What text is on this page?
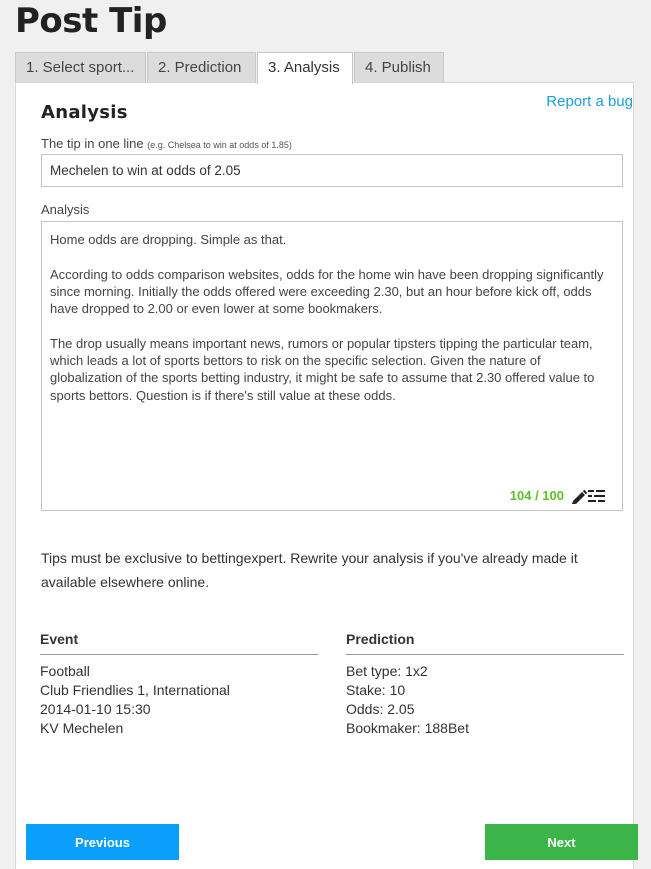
Post Tip
1. Select sport...	2. Prediction	3. Analysis	4. Publish
Report a bug
Analysis
The tip in one line (e.g. Chelsea to win at odds of 1.85)
Mechelen to win at odds of 2.05
Analysis
Home odds are dropping. Simple as that. According to odds comparison websites, odds for the home win have been dropping significantly since morning. Initially the odds offered were exceeding 2.30, but an hour before kick off, odds have dropped to 2.00 or even lower at some bookmakers. The drop usually means important news, rumors or popular tipsters tipping the particular team, which leads a lot of sports bettors to risk on the specific selection. Given the nature of globalization of the sports betting industry, it might be safe to assume that 2.30 offered value to sports bettors. Question is if there's still value at these odds.
104 / 100

Tips must be exclusive to bettingexpert. Rewrite your analysis if you've already made it available elsewhere online.

Event
Football
Club Friendlies 1, International
2014-01-10 15:30
KV Mechelen
Prediction
Bet type: 1x2
Stake: 10
Odds: 2.05
Bookmaker: 188Bet
Previous	Next
